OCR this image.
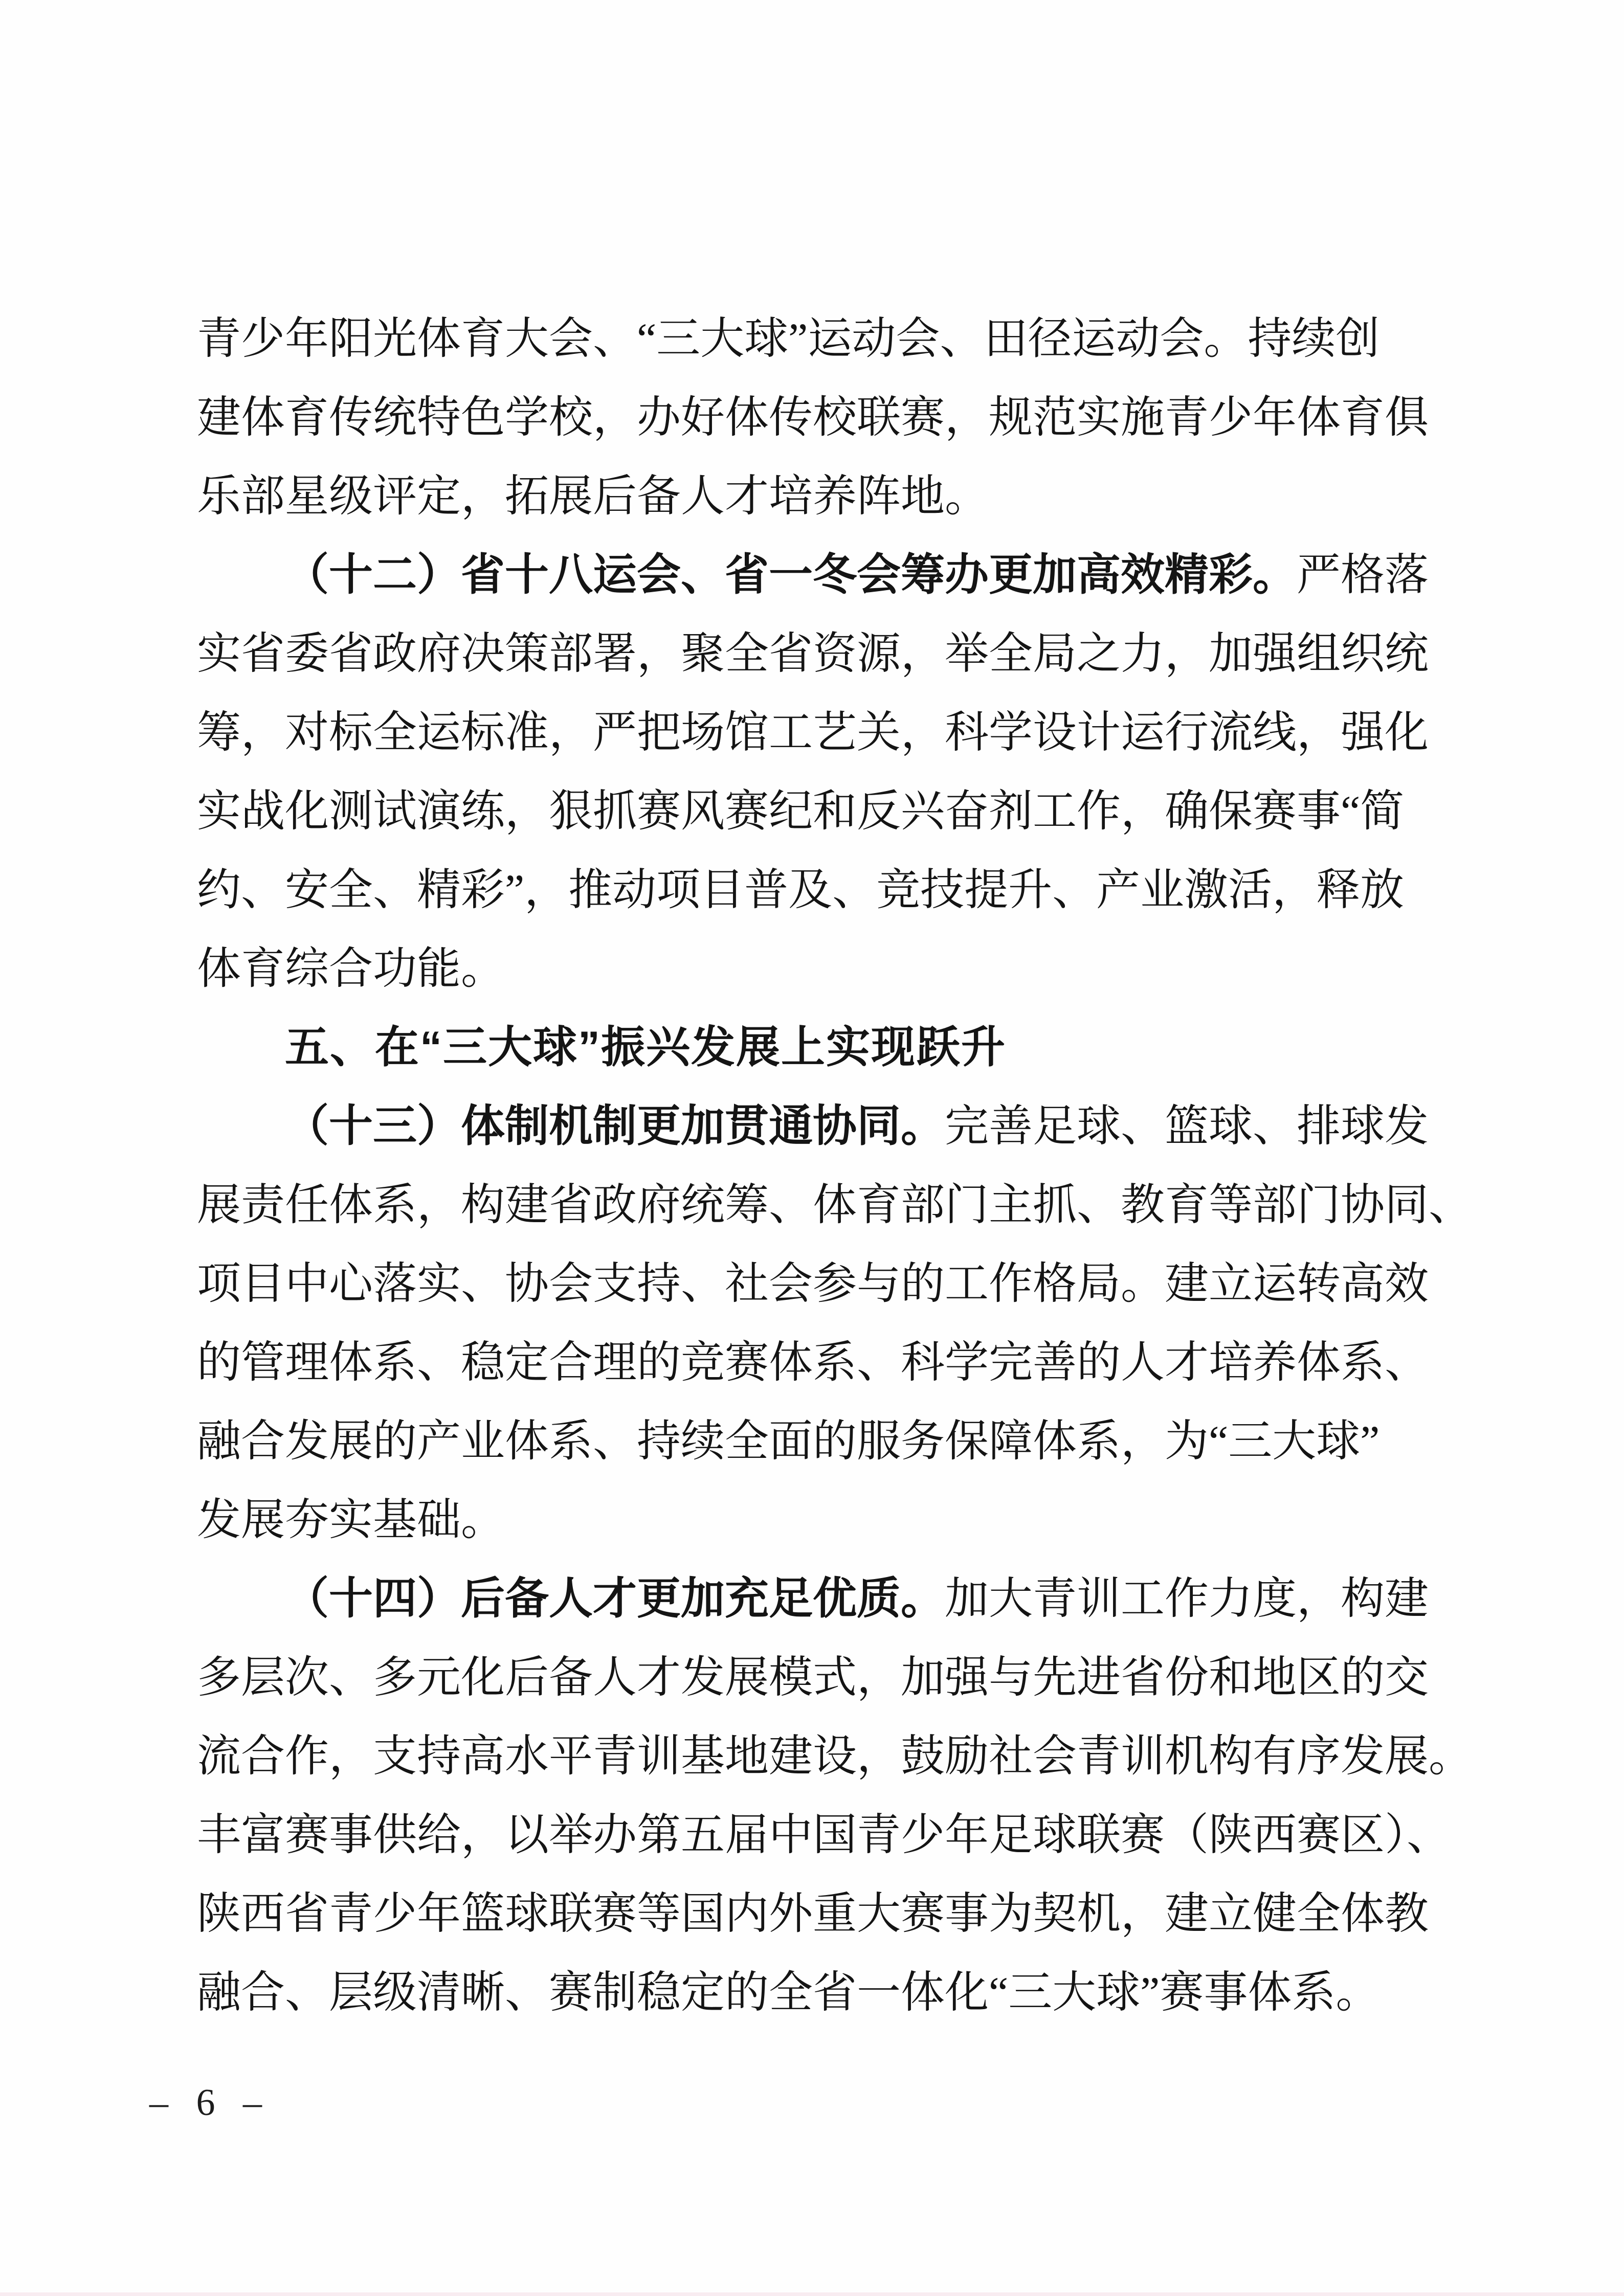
青少年阳光体育大会、“三大球”运动会、田径运动会。持续创
建体育传统特色学校，办好体传校联赛，规范实施青少年体育俱
乐部星级评定，拓展后备人才培养阵地。
（十二）省十八运会、省一冬会筹办更加高效精彩。严格落
实省委省政府决策部署，聚全省资源，举全局之力，加强组织统
筹，对标全运标准，严把场馆工艺关，科学设计运行流线，强化
实战化测试演练，狠抓赛风赛纪和反兴奋剂工作，确保赛事“简
约、安全、精彩”，推动项目普及、竞技提升、产业激活，释放
体育综合功能。
五、在“三大球”振兴发展上实现跃升
（十三）体制机制更加贯通协同。完善足球、篮球、排球发
展责任体系，构建省政府统筹、体育部门主抓、教育等部门协同、
项目中心落实、协会支持、社会参与的工作格局。建立运转高效
的管理体系、稳定合理的竞赛体系、科学完善的人才培养体系、
融合发展的产业体系、持续全面的服务保障体系，为“三大球”
发展夯实基础。
（十四）后备人才更加充足优质。加大青训工作力度，构建
多层次、多元化后备人才发展模式，加强与先进省份和地区的交
流合作，支持高水平青训基地建设，鼓励社会青训机构有序发展。
丰富赛事供给，以举办第五届中国青少年足球联赛（陕西赛区）、
陕西省青少年篮球联赛等国内外重大赛事为契机，建立健全体教
融合、层级清晰、赛制稳定的全省一体化“三大球”赛事体系。
– 6 –
